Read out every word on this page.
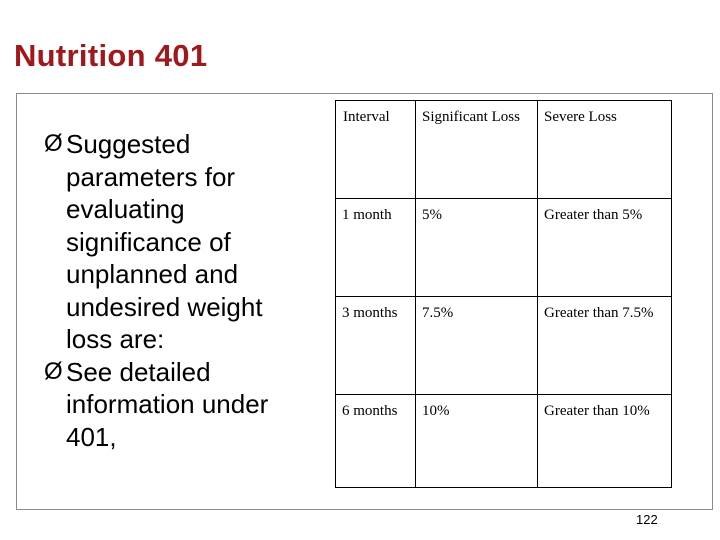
Nutrition 401
Ø Suggested parameters for evaluating significance of unplanned and undesired weight loss are:
Ø See detailed information under 401,
Interval	Significant Loss	Severe Loss
1 month	5%	Greater than 5%
3 months	7.5%	Greater than 7.5%
6 months	10%	Greater than 10%
122
